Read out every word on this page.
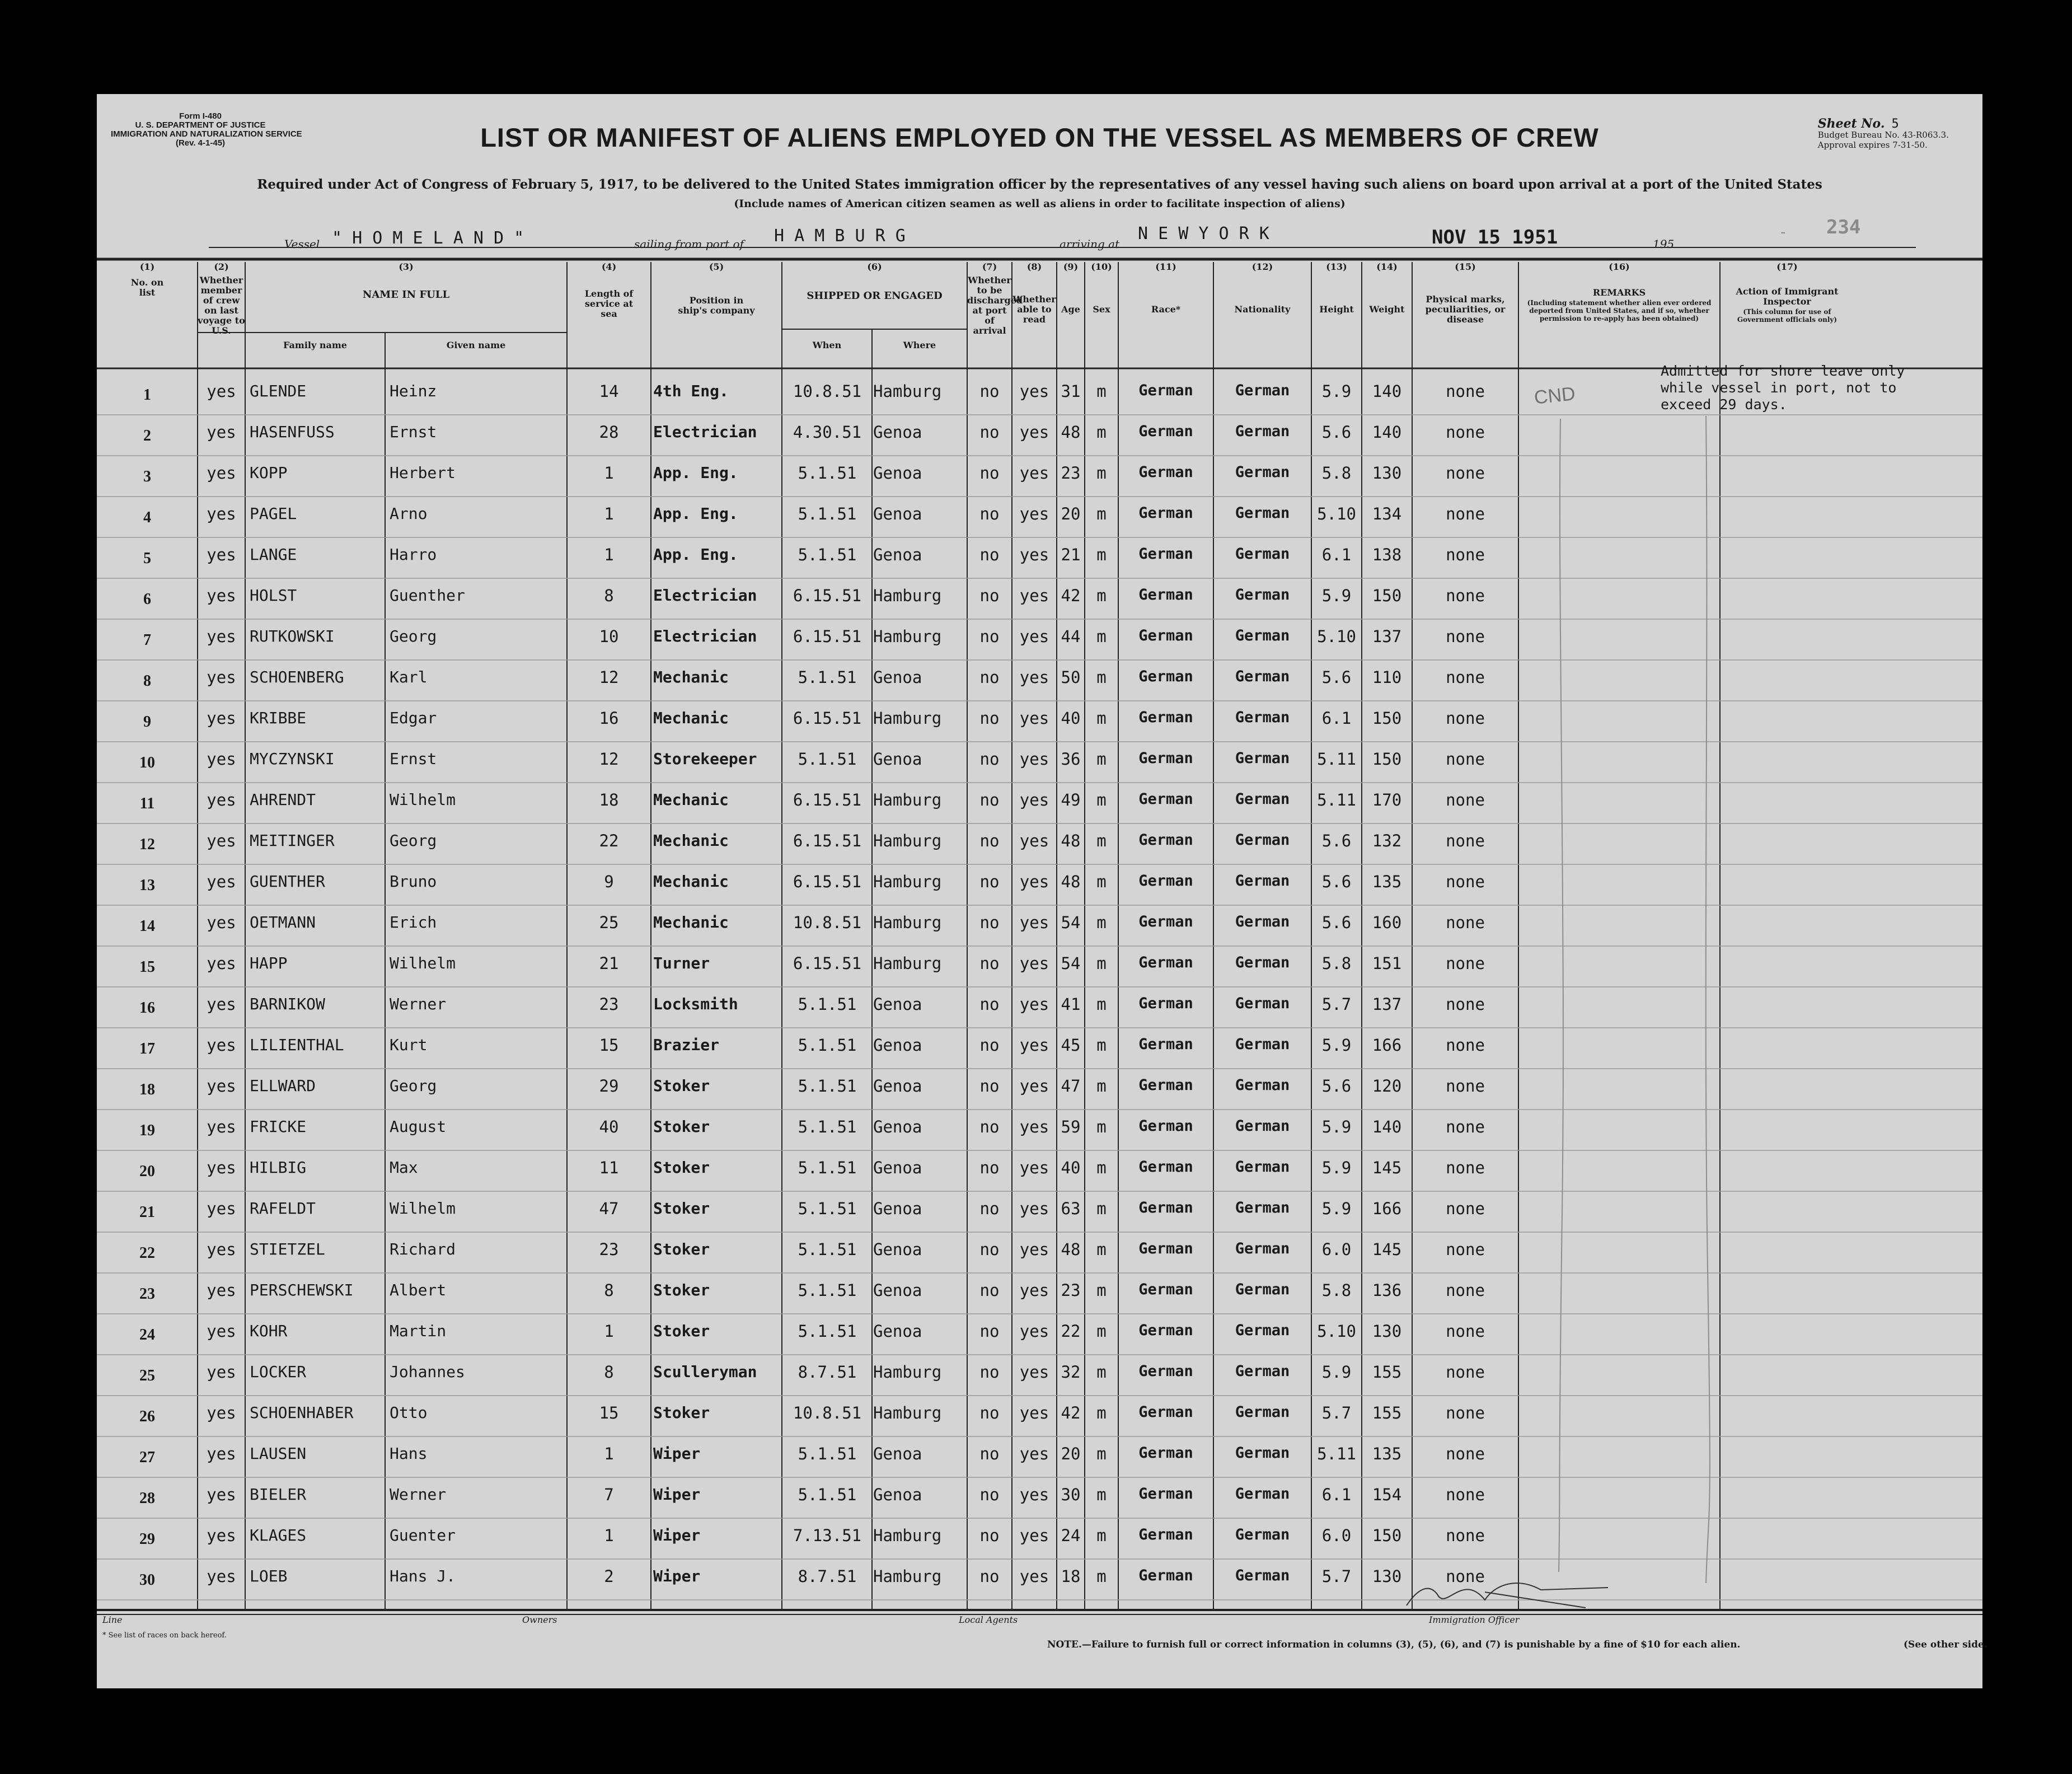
Form I-480
U. S. DEPARTMENT OF JUSTICE
IMMIGRATION AND NATURALIZATION SERVICE
(Rev. 4-1-45)	LIST OR MANIFEST OF ALIENS EMPLOYED ON THE VESSEL AS MEMBERS OF CREW
Required under Act of Congress of February 5, 1917, to be delivered to the United States immigration officer by the representatives of any vessel having such aliens on board upon arrival at a port of the United States
(Include names of American citizen seamen as well as aliens in order to facilitate inspection of aliens)
Sheet No. 5
Budget Bureau No. 43-R063.3.
Approval expires 7-31-50.
Vessel " H O M E L A N D "	sailing from port of H A M B U R G	arriving at
N E W Y O R K	NOV 15 1951	195
- 234
(1)
No. on list
(2)
Whether member of crew on last voyage to U.S.
(3)
NAME IN FULL
Family name	Given name
(4)
Length of service at sea
(5)
Position in ship's company
(6)
SHIPPED OR ENGAGED
When	Where
(7)
Whether to be discharged at port of arrival
(8)
Whether able to read
(9)
Age
(10)
Sex
(11)
Race*
(12)
Nationality
(13)
Height
(14)
Weight
(15)
Physical marks, peculiarities, or disease
(16)
REMARKS
(Including statement whether alien ever ordered deported from United States, and if so, whether permission to re-apply has been obtained)
(17)
Action of Immigrant Inspector
(This column for use of Government officials only)
CND
Admitted for shore leave only
while vessel in port, not to
exceed 29 days.
1	yes GLENDE	Heinz	14	4th Eng.	10.8.51 Hamburg	no	yes 31 m	German	German	5.9	140	none
2	yes HASENFUSS	Ernst	28	Electrician	4.30.51 Genoa	no	yes 48 m	German	German	5.6	140	none
3	yes KOPP	Herbert	1	App. Eng.	5.1.51	Genoa	no	yes 23 m	German	German	5.8	130	none
4	yes PAGEL	Arno	1	App. Eng.	5.1.51	Genoa	no	yes 20 m	German	German	5.10 134	none
5	yes LANGE	Harro	1	App. Eng.	5.1.51	Genoa	no	yes 21 m	German	German	6.1	138	none
6	yes HOLST	Guenther	8	Electrician	6.15.51 Hamburg	no	yes 42 m	German	German	5.9	150	none
7	yes RUTKOWSKI	Georg	10	Electrician	6.15.51 Hamburg	no	yes 44 m	German	German	5.10 137	none
8	yes SCHOENBERG	Karl	12	Mechanic	5.1.51	Genoa	no	yes 50 m	German	German	5.6	110	none
9	yes KRIBBE	Edgar	16	Mechanic	6.15.51 Hamburg	no	yes 40 m	German	German	6.1	150	none
10	yes MYCZYNSKI	Ernst	12	Storekeeper	5.1.51	Genoa	no	yes 36 m	German	German	5.11 150	none
11	yes AHRENDT	Wilhelm	18	Mechanic	6.15.51 Hamburg	no	yes 49 m	German	German	5.11 170	none
12	yes MEITINGER	Georg	22	Mechanic	6.15.51 Hamburg	no	yes 48 m	German	German	5.6	132	none
13	yes GUENTHER	Bruno	9	Mechanic	6.15.51 Hamburg	no	yes 48 m	German	German	5.6	135	none
14	yes OETMANN	Erich	25	Mechanic	10.8.51 Hamburg	no	yes 54 m	German	German	5.6	160	none
15	yes HAPP	Wilhelm	21	Turner	6.15.51 Hamburg	no	yes 54 m	German	German	5.8	151	none
16	yes BARNIKOW	Werner	23	Locksmith	5.1.51	Genoa	no	yes 41 m	German	German	5.7	137	none
17	yes LILIENTHAL	Kurt	15	Brazier	5.1.51	Genoa	no	yes 45 m	German	German	5.9	166	none
18	yes ELLWARD	Georg	29	Stoker	5.1.51	Genoa	no	yes 47 m	German	German	5.6	120	none
19	yes FRICKE	August	40	Stoker	5.1.51	Genoa	no	yes 59 m	German	German	5.9	140	none
20	yes HILBIG	Max	11	Stoker	5.1.51	Genoa	no	yes 40 m	German	German	5.9	145	none
21	yes RAFELDT	Wilhelm	47	Stoker	5.1.51	Genoa	no	yes 63 m	German	German	5.9	166	none
22	yes STIETZEL	Richard	23	Stoker	5.1.51	Genoa	no	yes 48 m	German	German	6.0	145	none
23	yes PERSCHEWSKI	Albert	8	Stoker	5.1.51	Genoa	no	yes 23 m	German	German	5.8	136	none
24	yes KOHR	Martin	1	Stoker	5.1.51	Genoa	no	yes 22 m	German	German	5.10 130	none
25	yes LOCKER	Johannes	8	Sculleryman	8.7.51	Hamburg	no	yes 32 m	German	German	5.9	155	none
26	yes SCHOENHABER	Otto	15	Stoker	10.8.51 Hamburg	no	yes 42 m	German	German	5.7	155	none
27	yes LAUSEN	Hans	1	Wiper	5.1.51	Genoa	no	yes 20 m	German	German	5.11 135	none
28	yes BIELER	Werner	7	Wiper	5.1.51	Genoa	no	yes 30 m	German	German	6.1	154	none
29	yes KLAGES	Guenter	1	Wiper	7.13.51 Hamburg	no	yes 24 m	German	German	6.0	150	none
30	yes LOEB	Hans J.	2	Wiper	8.7.51	Hamburg	no	yes 18 m	German	German	5.7	130	none
Line	Owners	Local Agents	Immigration Officer
* See list of races on back hereof.
NOTE.—Failure to furnish full or correct information in columns (3), (5), (6), and (7) is punishable by a fine of $10 for each alien.	(See other side.
